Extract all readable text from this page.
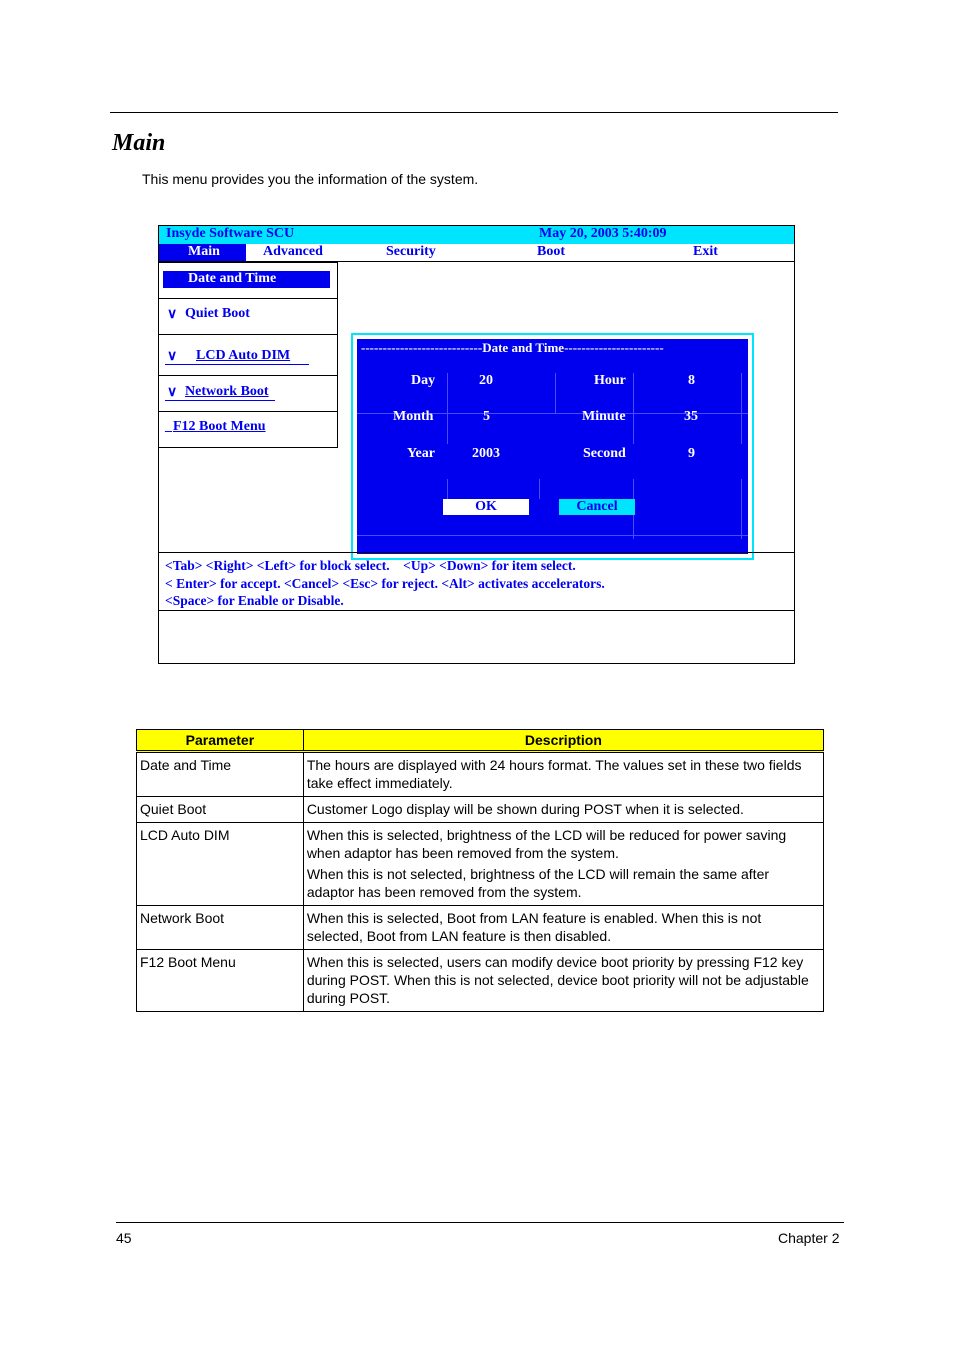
Main
This menu provides you the information of the system.
Insyde Software SCU	May 20, 2003 5:40:09
Main	Advanced	Security	Boot	Exit
Date and Time
∨ Quiet Boot
∨ LCD Auto DIM
∨ Network Boot
_ F12 Boot Menu
----------------------------Date and Time-----------------------
Day	20	Hour	8
Month	5	Minute	35
Year	2003	Second	9
OK	Cancel
<Tab> <Right> <Left> for block select.    <Up> <Down> for item select.
< Enter> for accept. <Cancel> <Esc> for reject. <Alt> activates accelerators.
<Space> for Enable or Disable.
Parameter	Description
Date and Time	The hours are displayed with 24 hours format. The values set in these two fields take effect immediately.

Quiet Boot	Customer Logo display will be shown during POST when it is selected.

LCD Auto DIM	When this is selected, brightness of the LCD will be reduced for power saving when adaptor has been removed from the system.

When this is not selected, brightness of the LCD will remain the same after adaptor has been removed from the system.

Network Boot	When this is selected, Boot from LAN feature is enabled. When this is not selected, Boot from LAN feature is then disabled.

F12 Boot Menu	When this is selected, users can modify device boot priority by pressing F12 key during POST. When this is not selected, device boot priority will not be adjustable during POST.

45	Chapter 2
